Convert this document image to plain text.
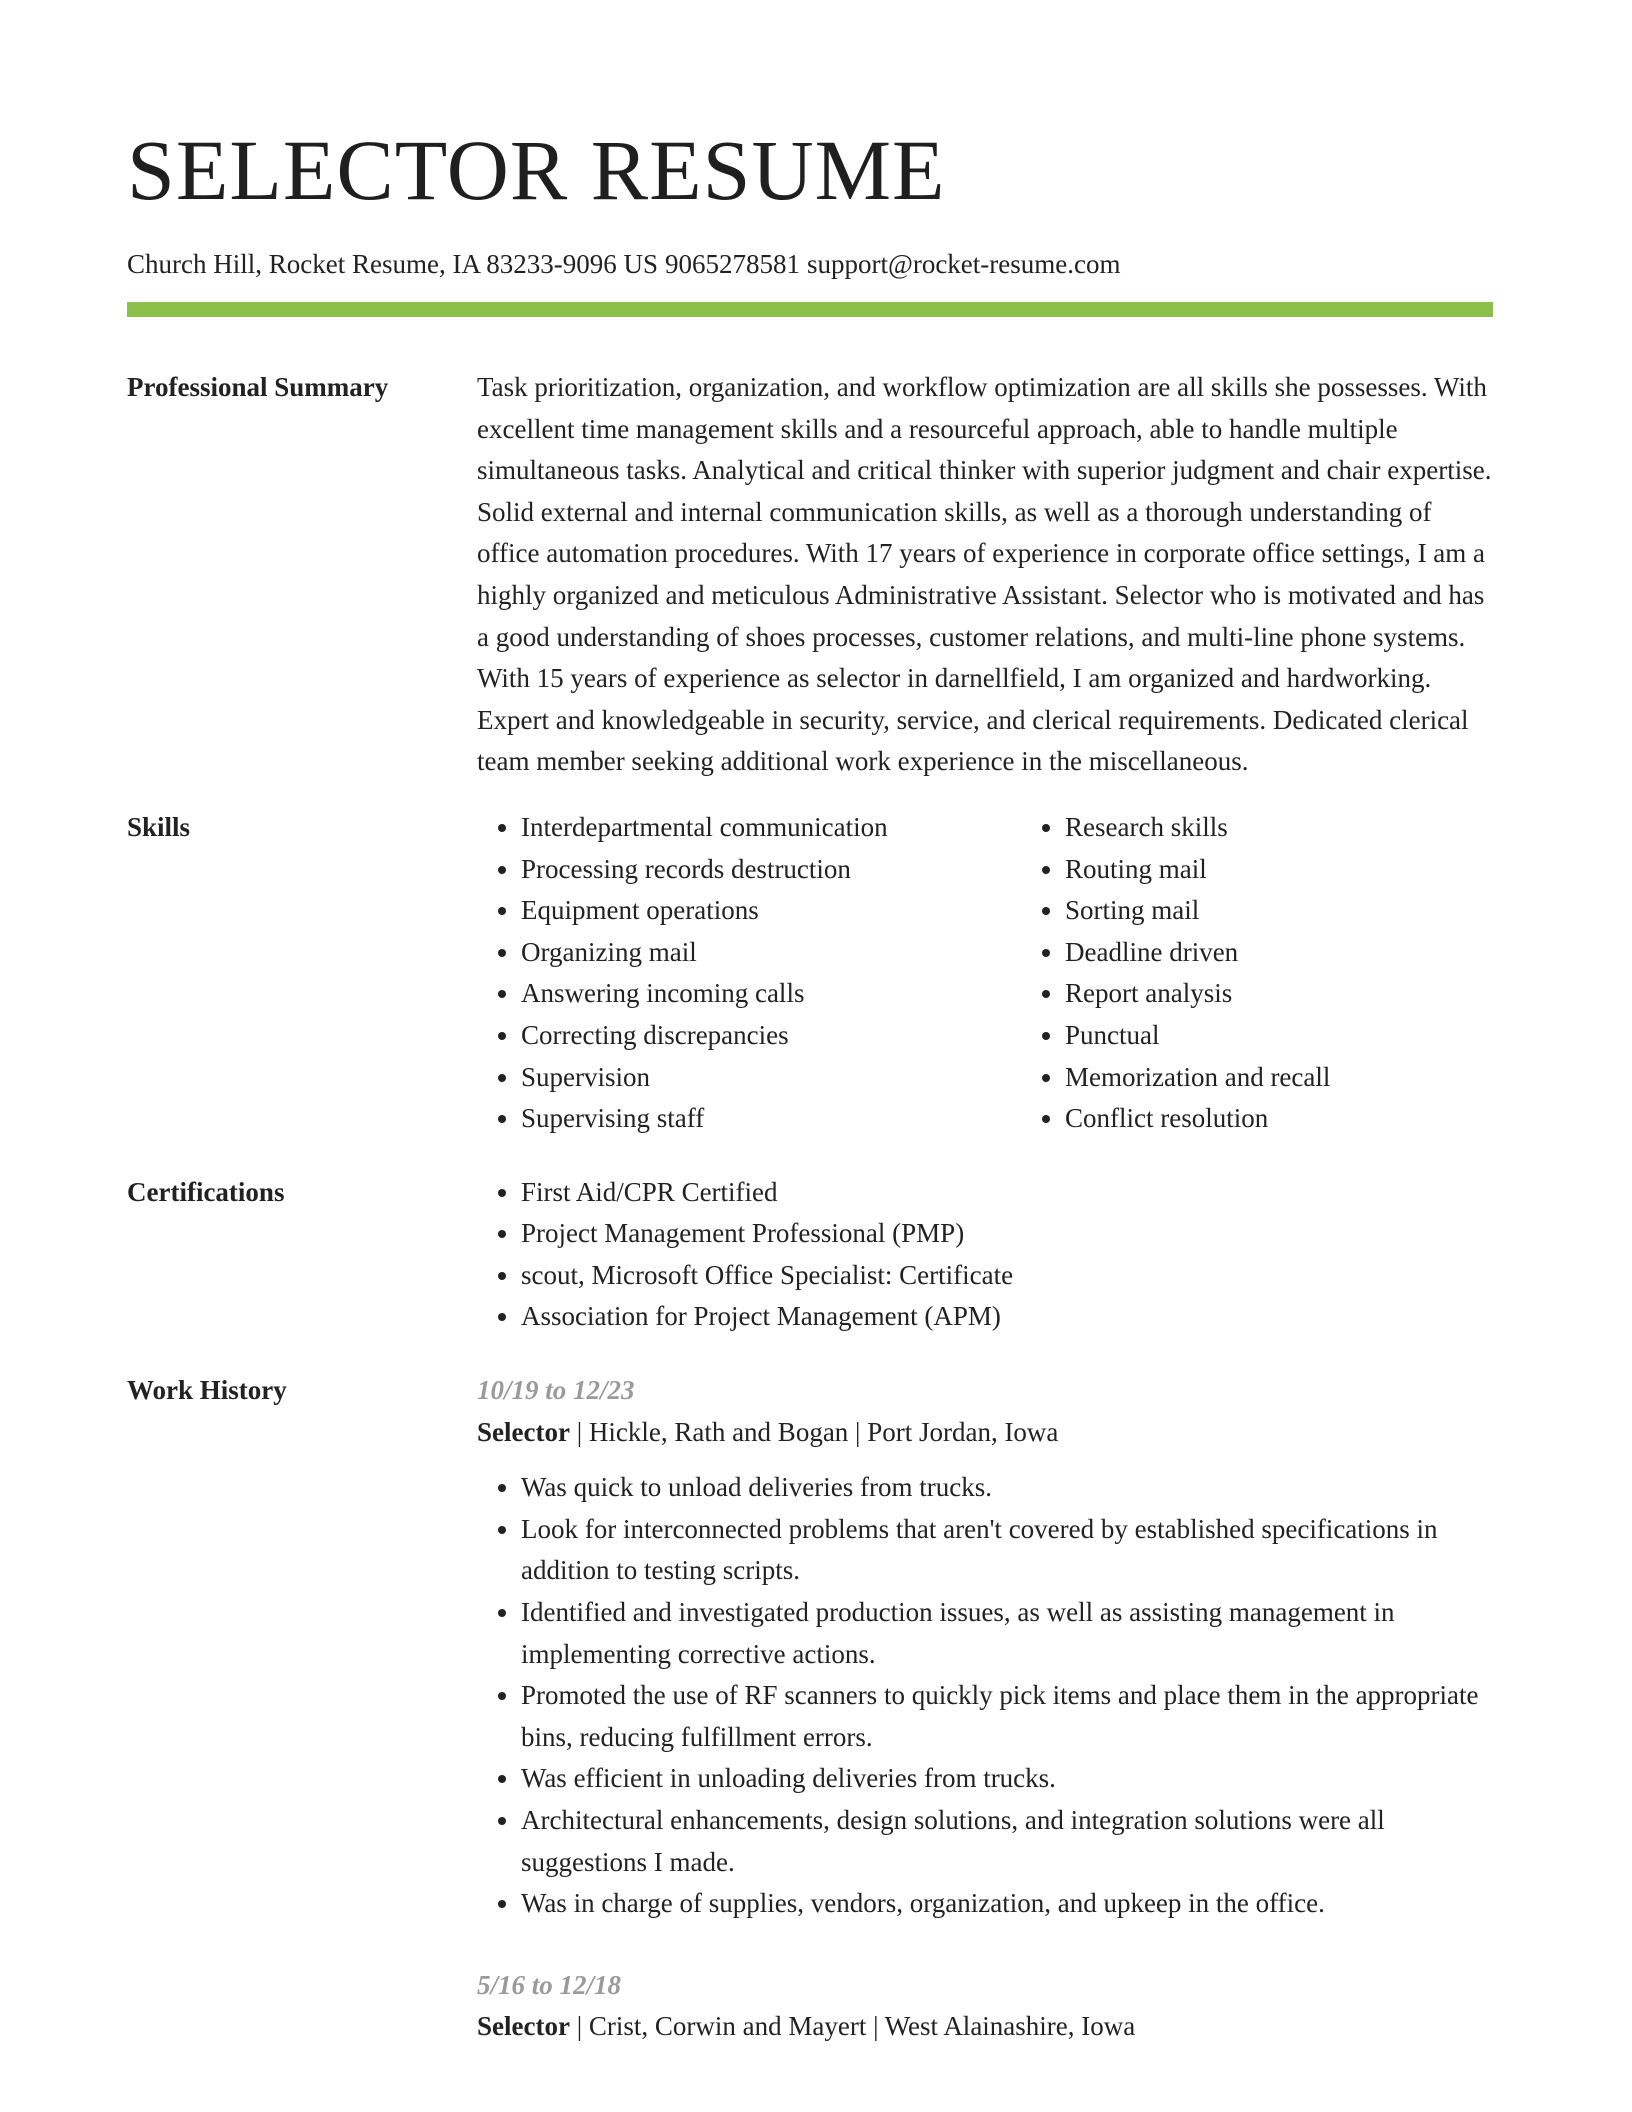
SELECTOR RESUME
Church Hill, Rocket Resume, IA 83233-9096 US 9065278581 support@rocket-resume.com
Professional Summary	Task prioritization, organization, and workflow optimization are all skills she possesses. With excellent time management skills and a resourceful approach, able to handle multiple simultaneous tasks. Analytical and critical thinker with superior judgment and chair expertise. Solid external and internal communication skills, as well as a thorough understanding of office automation procedures. With 17 years of experience in corporate office settings, I am a highly organized and meticulous Administrative Assistant. Selector who is motivated and has a good understanding of shoes processes, customer relations, and multi-line phone systems. With 15 years of experience as selector in darnellfield, I am organized and hardworking. Expert and knowledgeable in security, service, and clerical requirements. Dedicated clerical team member seeking additional work experience in the miscellaneous.

Skills	• Interdepartmental communication
• Processing records destruction
• Equipment operations
• Organizing mail
• Answering incoming calls
• Correcting discrepancies
• Supervision
• Supervising staff
• Research skills
• Routing mail
• Sorting mail
• Deadline driven
• Report analysis
• Punctual
• Memorization and recall
• Conflict resolution
Certifications	• First Aid/CPR Certified
• Project Management Professional (PMP)
• scout, Microsoft Office Specialist: Certificate
• Association for Project Management (APM)
Work History	10/19 to 12/23
Selector | Hickle, Rath and Bogan | Port Jordan, Iowa
• Was quick to unload deliveries from trucks.
• Look for interconnected problems that aren't covered by established specifications in addition to testing scripts.
• Identified and investigated production issues, as well as assisting management in implementing corrective actions.
• Promoted the use of RF scanners to quickly pick items and place them in the appropriate bins, reducing fulfillment errors.
• Was efficient in unloading deliveries from trucks.
• Architectural enhancements, design solutions, and integration solutions were all suggestions I made.
• Was in charge of supplies, vendors, organization, and upkeep in the office.
5/16 to 12/18
Selector | Crist, Corwin and Mayert | West Alainashire, Iowa
